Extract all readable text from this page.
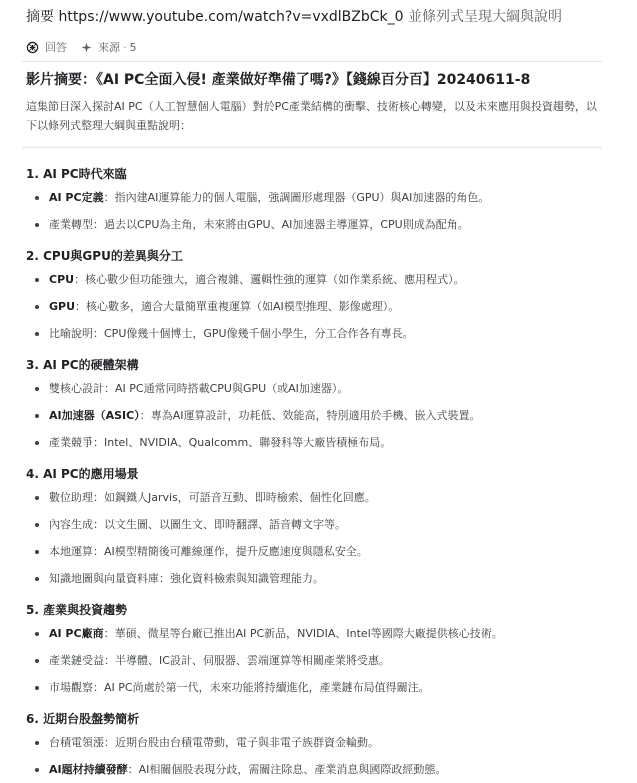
摘要 https://www.youtube.com/watch?v=vxdlBZbCk_0 並條列式呈現大綱與說明
回答	來源 · 5
影片摘要：《AI PC全面入侵! 產業做好準備了嗎?》【錢線百分百】20240611-8
這集節目深入探討AI PC（人工智慧個人電腦）對於PC產業結構的衝擊、技術核心轉變，以及未來應用與投資趨勢，以下以條列式整理大綱與重點說明：
1. AI PC時代來臨
AI PC定義：指內建AI運算能力的個人電腦，強調圖形處理器（GPU）與AI加速器的角色。
產業轉型：過去以CPU為主角，未來將由GPU、AI加速器主導運算，CPU則成為配角。
2. CPU與GPU的差異與分工
CPU：核心數少但功能強大，適合複雜、邏輯性強的運算（如作業系統、應用程式）。
GPU：核心數多，適合大量簡單重複運算（如AI模型推理、影像處理）。
比喻說明：CPU像幾十個博士，GPU像幾千個小學生，分工合作各有專長。
3. AI PC的硬體架構
雙核心設計：AI PC通常同時搭載CPU與GPU（或AI加速器）。
AI加速器（ASIC）：專為AI運算設計，功耗低、效能高，特別適用於手機、嵌入式裝置。
產業競爭：Intel、NVIDIA、Qualcomm、聯發科等大廠皆積極布局。
4. AI PC的應用場景
數位助理：如鋼鐵人Jarvis，可語音互動、即時檢索、個性化回應。
內容生成：以文生圖、以圖生文、即時翻譯、語音轉文字等。
本地運算：AI模型精簡後可離線運作，提升反應速度與隱私安全。
知識地圖與向量資料庫：強化資料檢索與知識管理能力。
5. 產業與投資趨勢
AI PC廠商：華碩、微星等台廠已推出AI PC新品，NVIDIA、Intel等國際大廠提供核心技術。
產業鏈受益：半導體、IC設計、伺服器、雲端運算等相關產業將受惠。
市場觀察：AI PC尚處於第一代，未來功能將持續進化，產業鏈布局值得關注。
6. 近期台股盤勢簡析
台積電領漲：近期台股由台積電帶動，電子與非電子族群資金輪動。
AI題材持續發酵：AI相關個股表現分歧，需關注除息、產業消息與國際政經動態。
